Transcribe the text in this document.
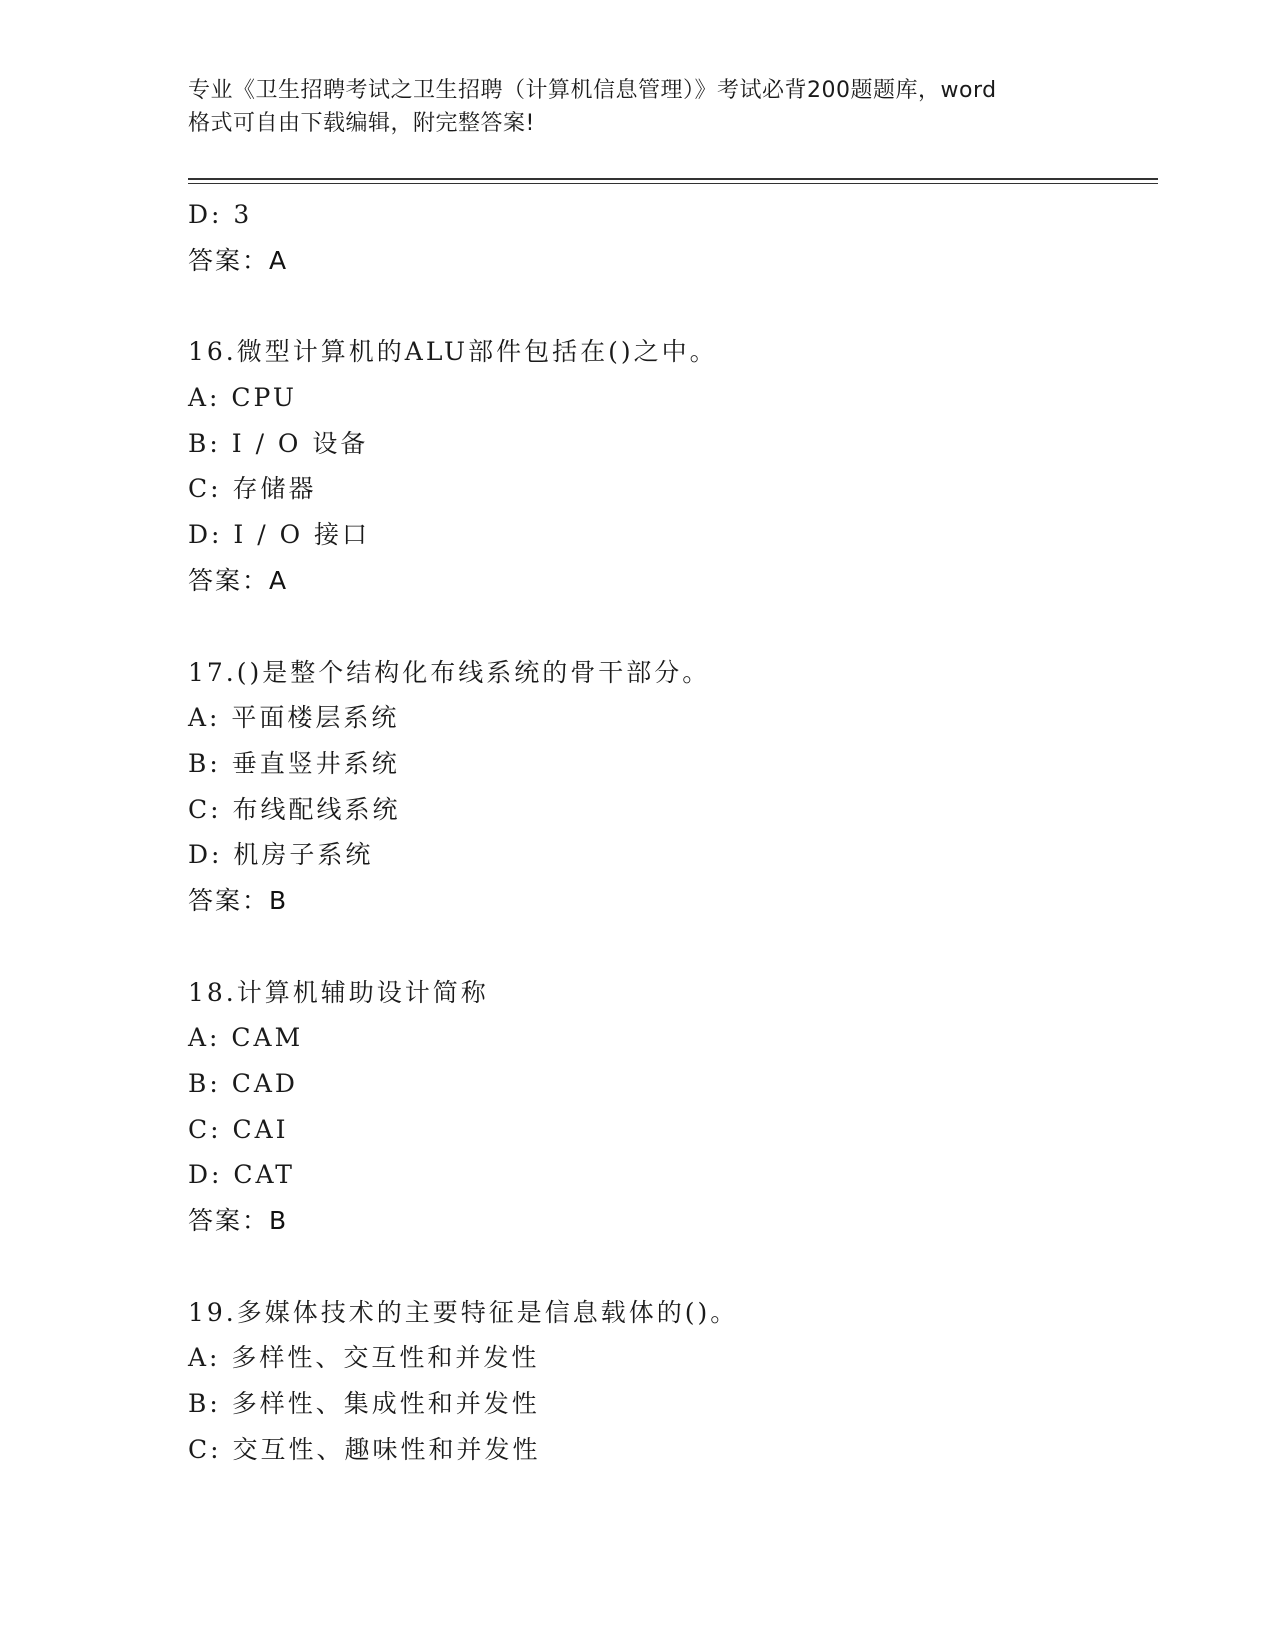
专业《卫生招聘考试之卫生招聘（计算机信息管理）》考试必背200题题库，word
格式可自由下载编辑，附完整答案!
D: 3
答案：A
16.微型计算机的ALU部件包括在()之中。
A: CPU
B: I / O 设备
C: 存储器
D: I / O 接口
答案：A
17.()是整个结构化布线系统的骨干部分。
A: 平面楼层系统
B: 垂直竖井系统
C: 布线配线系统
D: 机房子系统
答案：B
18.计算机辅助设计简称
A: CAM
B: CAD
C: CAI
D: CAT
答案：B
19.多媒体技术的主要特征是信息载体的()。
A: 多样性、交互性和并发性
B: 多样性、集成性和并发性
C: 交互性、趣味性和并发性
